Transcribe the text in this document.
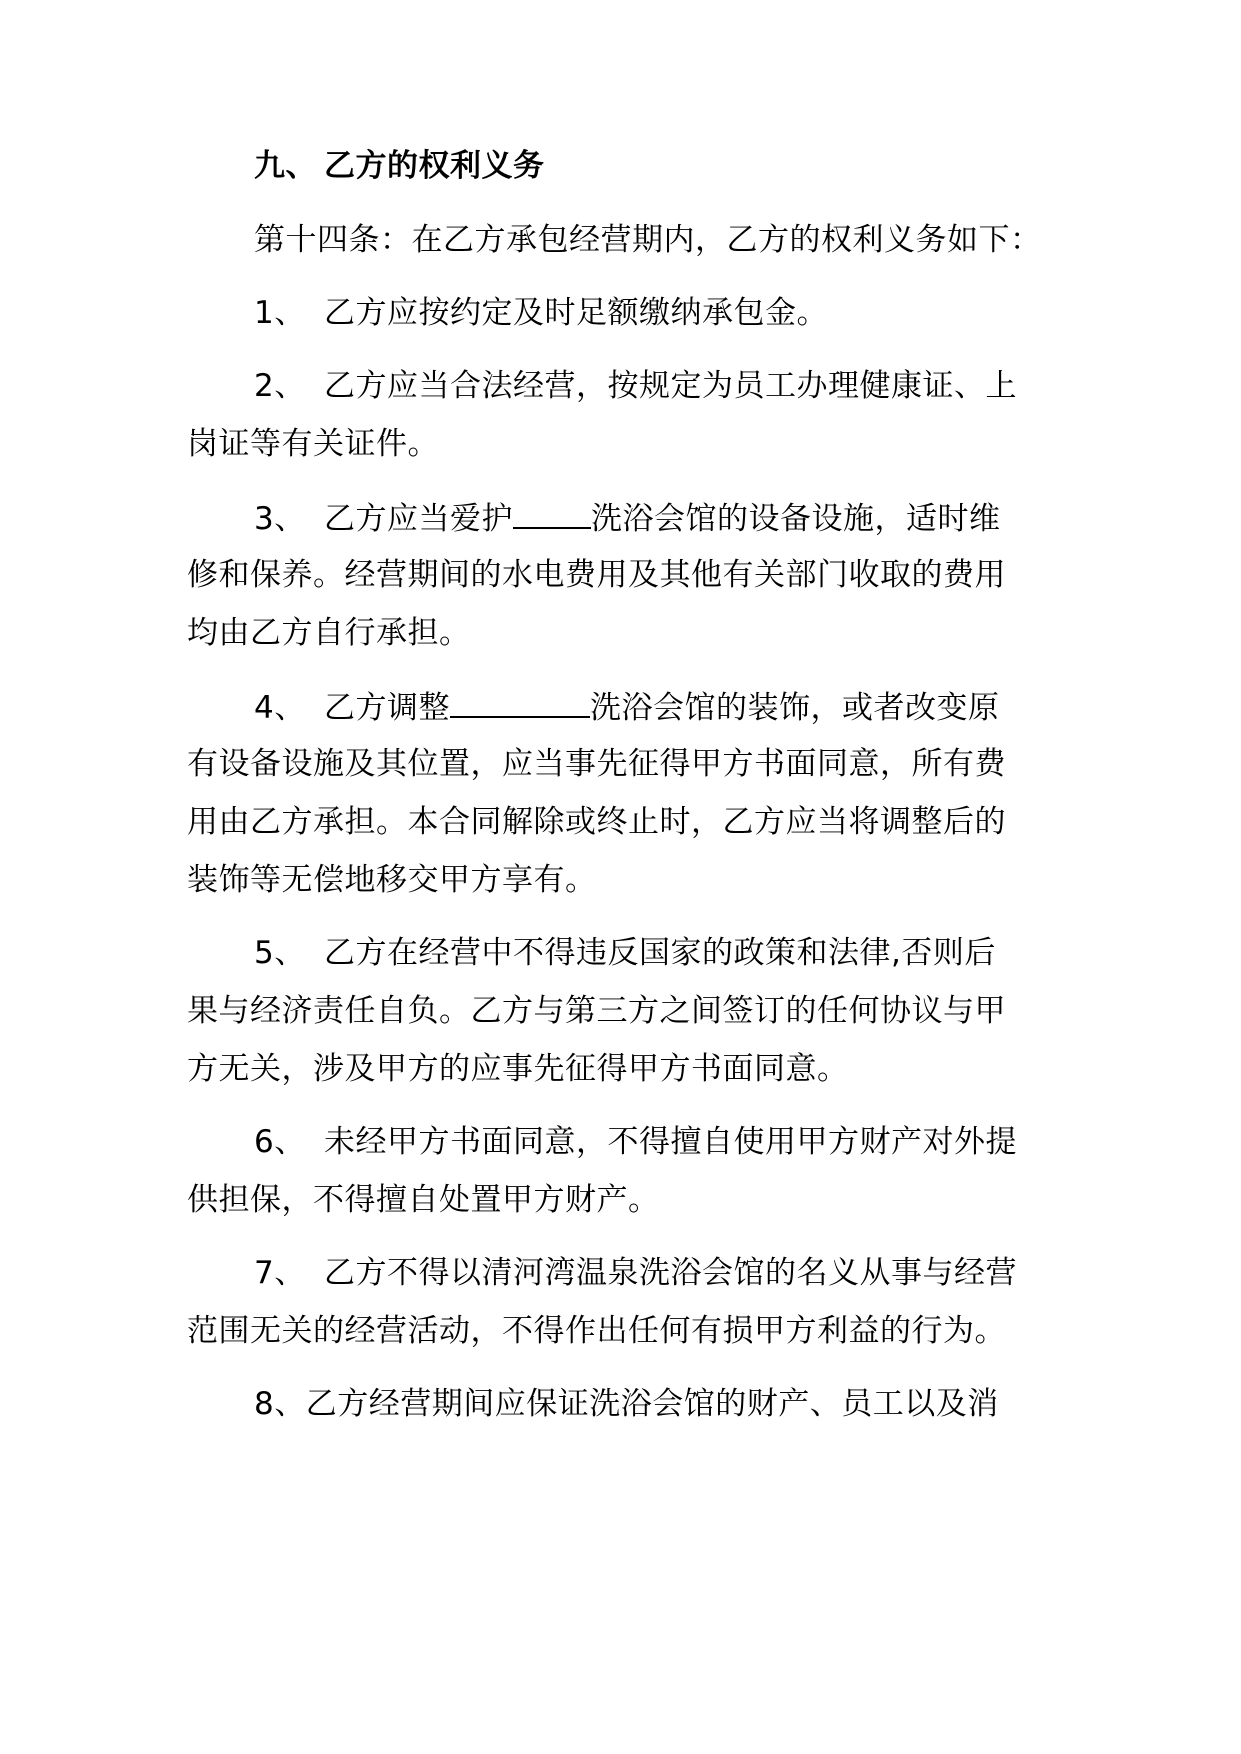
九、 乙方的权利义务
第十四条：在乙方承包经营期内，乙方的权利义务如下：
1、 乙方应按约定及时足额缴纳承包金。
2、 乙方应当合法经营，按规定为员工办理健康证、上
岗证等有关证件。
3、 乙方应当爱护	洗浴会馆的设备设施，适时维
修和保养。经营期间的水电费用及其他有关部门收取的费用
均由乙方自行承担。
4、 乙方调整	洗浴会馆的装饰，或者改变原
有设备设施及其位置，应当事先征得甲方书面同意，所有费
用由乙方承担。本合同解除或终止时，乙方应当将调整后的
装饰等无偿地移交甲方享有。
5、 乙方在经营中不得违反国家的政策和法律,否则后
果与经济责任自负。乙方与第三方之间签订的任何协议与甲
方无关，涉及甲方的应事先征得甲方书面同意。
6、 未经甲方书面同意，不得擅自使用甲方财产对外提
供担保，不得擅自处置甲方财产。
7、 乙方不得以清河湾温泉洗浴会馆的名义从事与经营
范围无关的经营活动，不得作出任何有损甲方利益的行为。
8、乙方经营期间应保证洗浴会馆的财产、员工以及消
